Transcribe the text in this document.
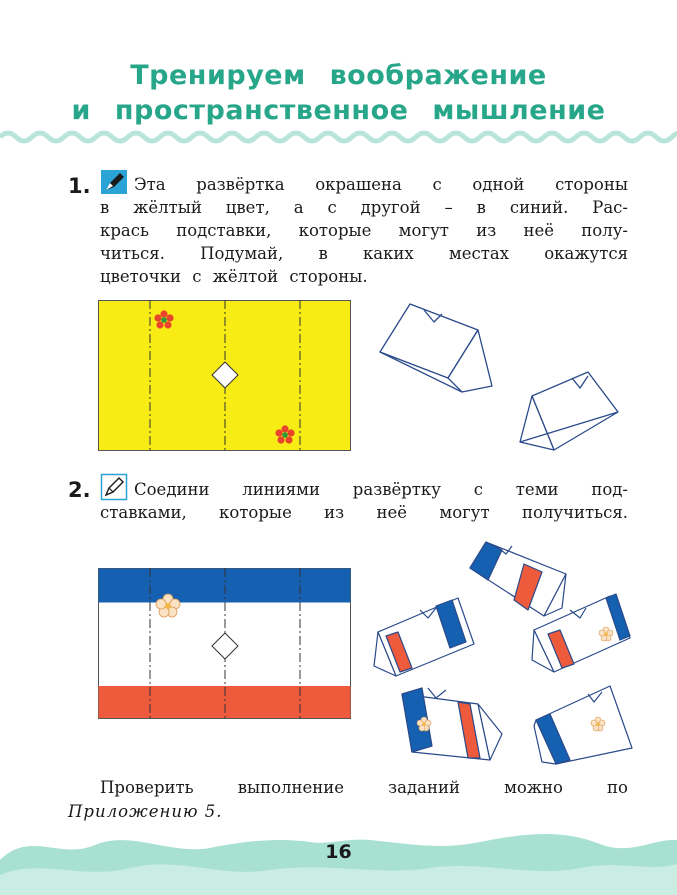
Тренируем воображение
и пространственное мышление
1.	Эта развёртка окрашена с одной стороны
в жёлтый цвет, а с другой – в синий. Рас-
крась подставки, которые могут из неё полу-
читься. Подумай, в каких местах окажутся
цветочки с жёлтой стороны.
2.	Соедини линиями развёртку с теми под-
ставками, которые из неё могут получиться.
Проверить выполнение заданий можно по
Приложению 5.
16
